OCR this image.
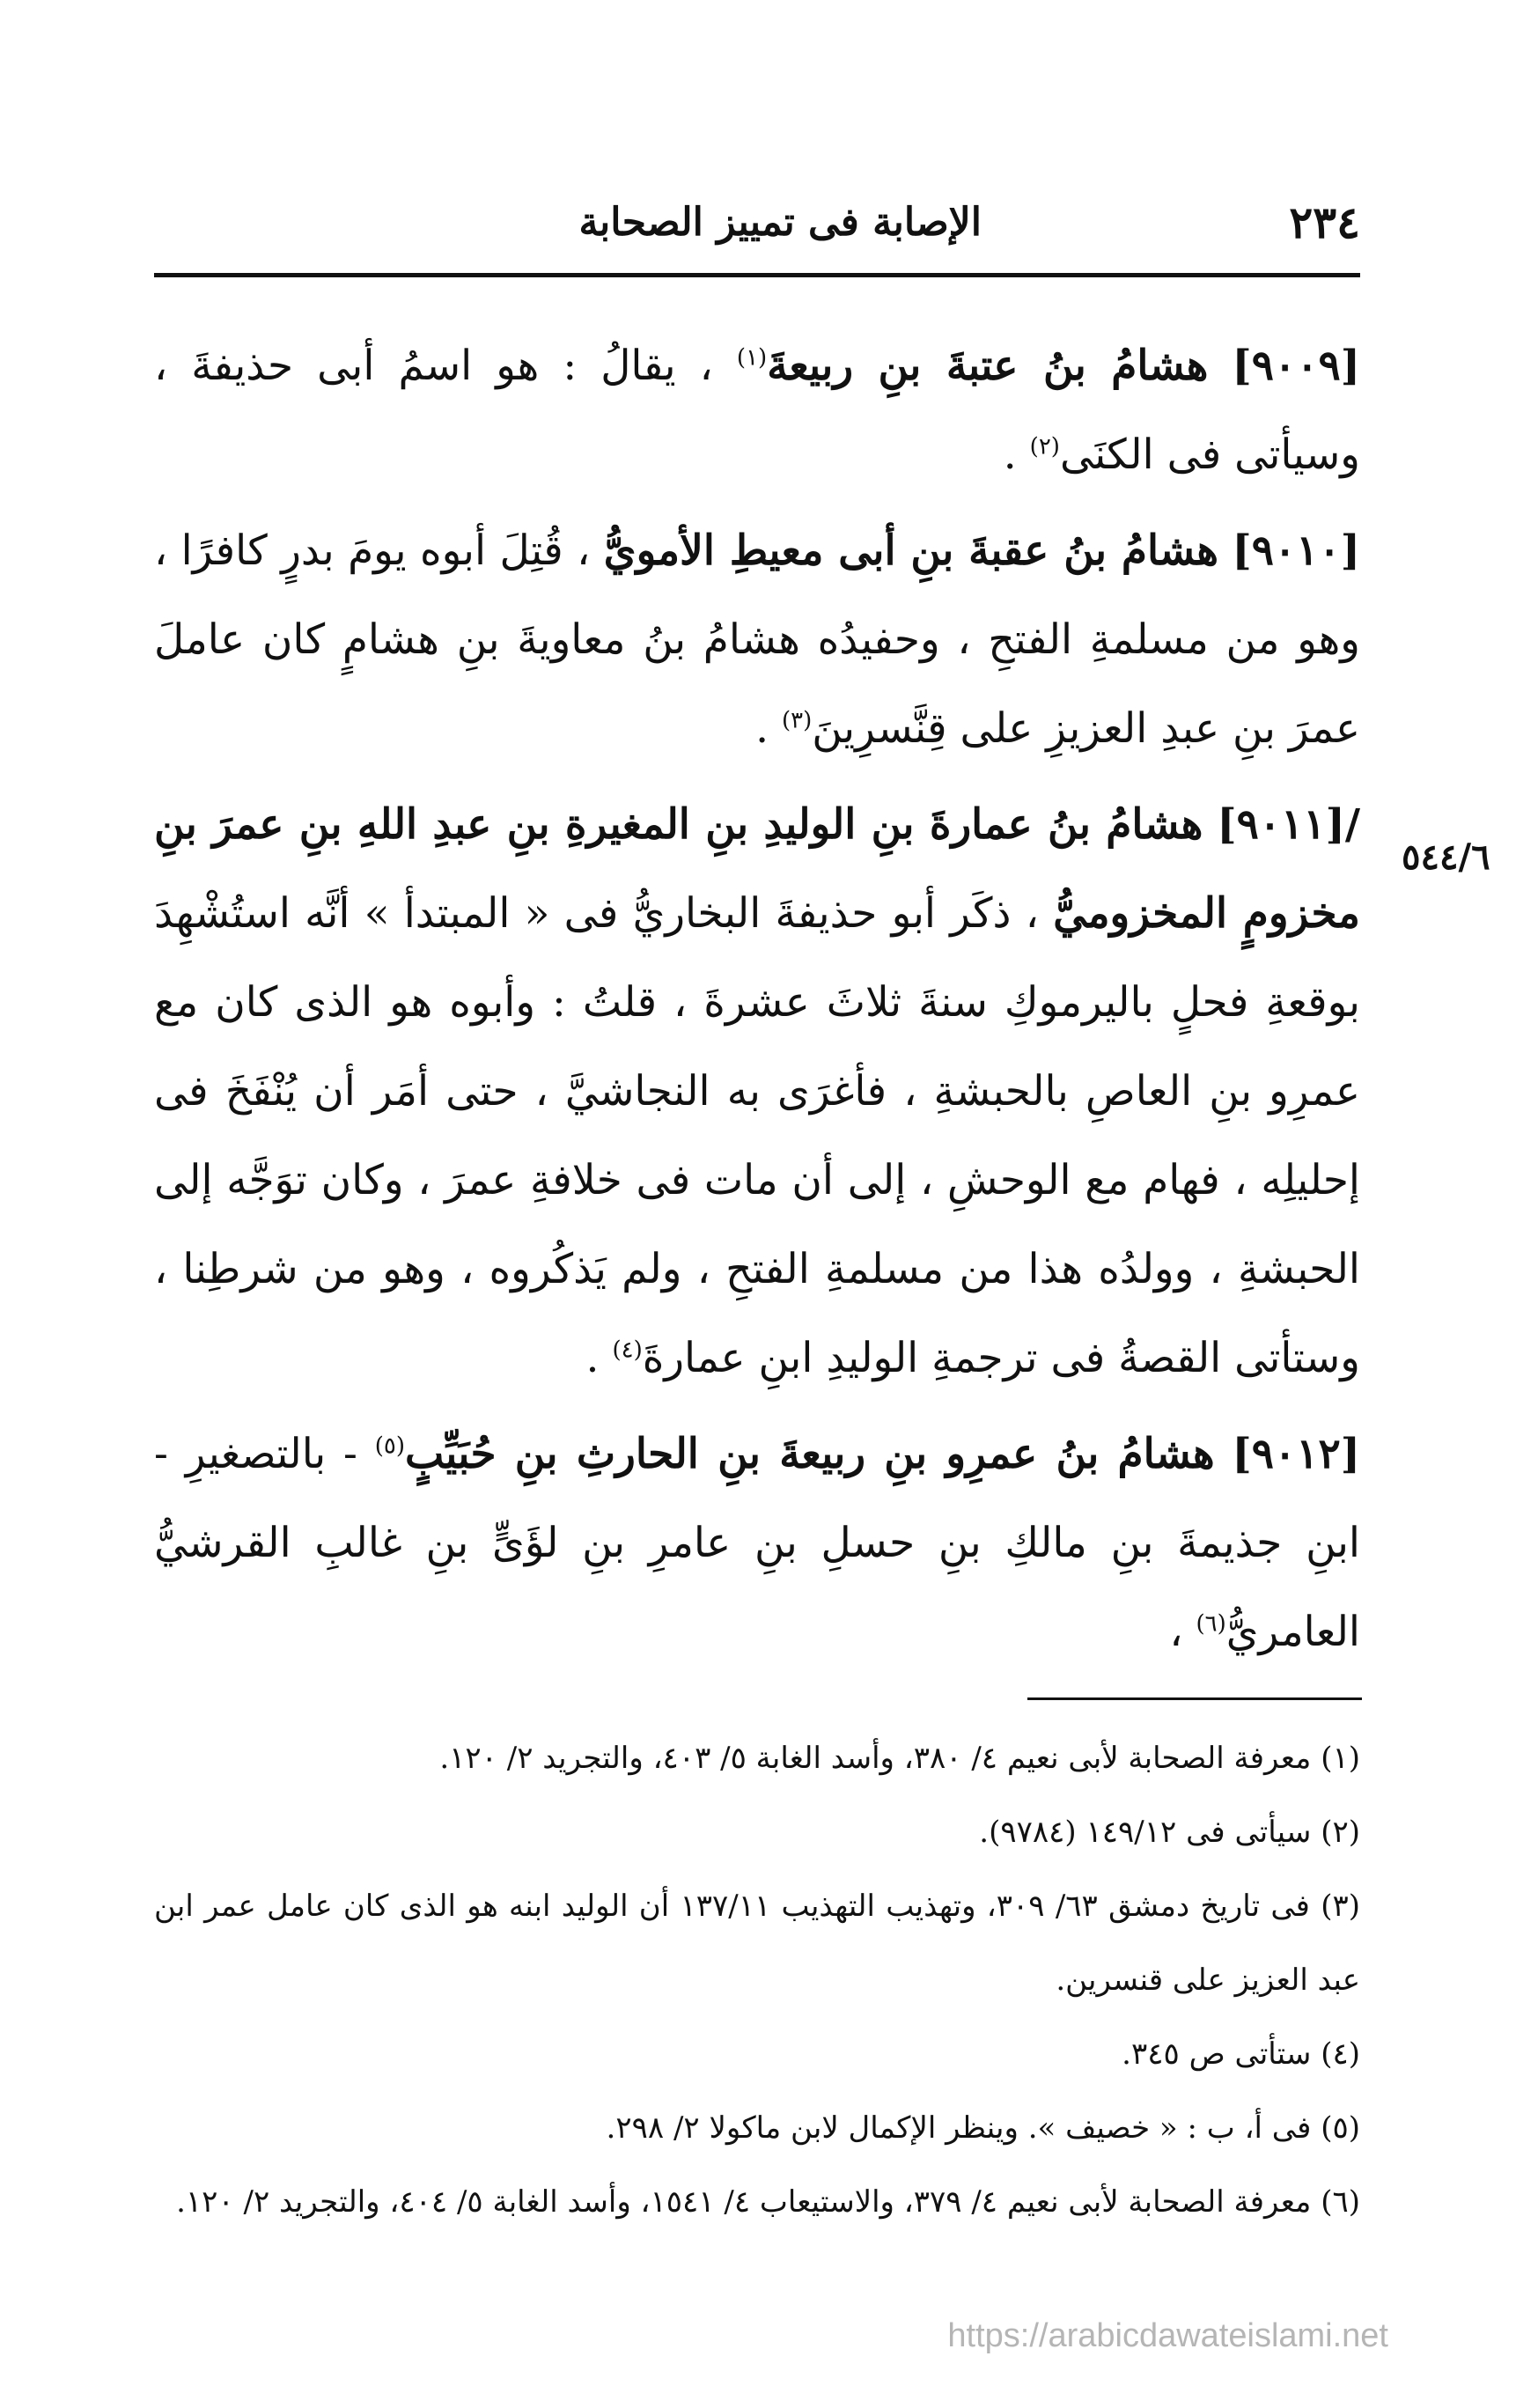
٢٣٤
الإصابة فى تمييز الصحابة
٥٤٤/٦

[٩٠٠٩] هشامُ بنُ عتبةَ بنِ ربيعةَ$^{(١)}$ ، يقالُ : هو اسمُ أبى حذيفةَ ، وسيأتى فى الكنَى$^{(٢)}$ .

[٩٠١٠] هشامُ بنُ عقبةَ بنِ أبى معيطِ الأمويُّ ، قُتِلَ أبوه يومَ بدرٍ كافرًا ، وهو من مسلمةِ الفتحِ ، وحفيدُه هشامُ بنُ معاويةَ بنِ هشامٍ كان عاملَ عمرَ بنِ عبدِ العزيزِ على قِنَّسرِينَ$^{(٣)}$ .

/[٩٠١١] هشامُ بنُ عمارةَ بنِ الوليدِ بنِ المغيرةِ بنِ عبدِ اللهِ بنِ عمرَ بنِ مخزومٍ المخزوميُّ ، ذكَر أبو حذيفةَ البخاريُّ فى « المبتدأ » أنَّه استُشْهِدَ بوقعةِ فحلٍ باليرموكِ سنةَ ثلاثَ عشرةَ ، قلتُ : وأبوه هو الذى كان مع عمرِو بنِ العاصِ بالحبشةِ ، فأغرَى به النجاشيَّ ، حتى أمَر أن يُنْفَخَ فى إحليلِه ، فهام مع الوحشِ ، إلى أن مات فى خلافةِ عمرَ ، وكان توَجَّه إلى الحبشةِ ، وولدُه هذا من مسلمةِ الفتحِ ، ولم يَذكُروه ، وهو من شرطِنا ، وستأتى القصةُ فى ترجمةِ الوليدِ ابنِ عمارةَ$^{(٤)}$ .

[٩٠١٢] هشامُ بنُ عمرِو بنِ ربيعةَ بنِ الحارثِ بنِ حُبَيِّبٍ$^{(٥)}$ - بالتصغيرِ - ابنِ جذيمةَ بنِ مالكِ بنِ حسلِ بنِ عامرِ بنِ لؤَىٍّ بنِ غالبِ القرشيُّ العامريُّ$^{(٦)}$ ،

(١) معرفة الصحابة لأبى نعيم ٤/ ٣٨٠، وأسد الغابة ٥/ ٤٠٣، والتجريد ٢/ ١٢٠.

(٢) سيأتى فى ١٤٩/١٢ (٩٧٨٤).

(٣) فى تاريخ دمشق ٦٣/ ٣٠٩، وتهذيب التهذيب ١٣٧/١١ أن الوليد ابنه هو الذى كان عامل عمر ابن عبد العزيز على قنسرين.

(٤) ستأتى ص ٣٤٥.

(٥) فى أ، ب : « خصيف ». وينظر الإكمال لابن ماكولا ٢/ ٢٩٨.

(٦) معرفة الصحابة لأبى نعيم ٤/ ٣٧٩، والاستيعاب ٤/ ١٥٤١، وأسد الغابة ٥/ ٤٠٤، والتجريد ٢/ ١٢٠.

https://arabicdawateislami.net
